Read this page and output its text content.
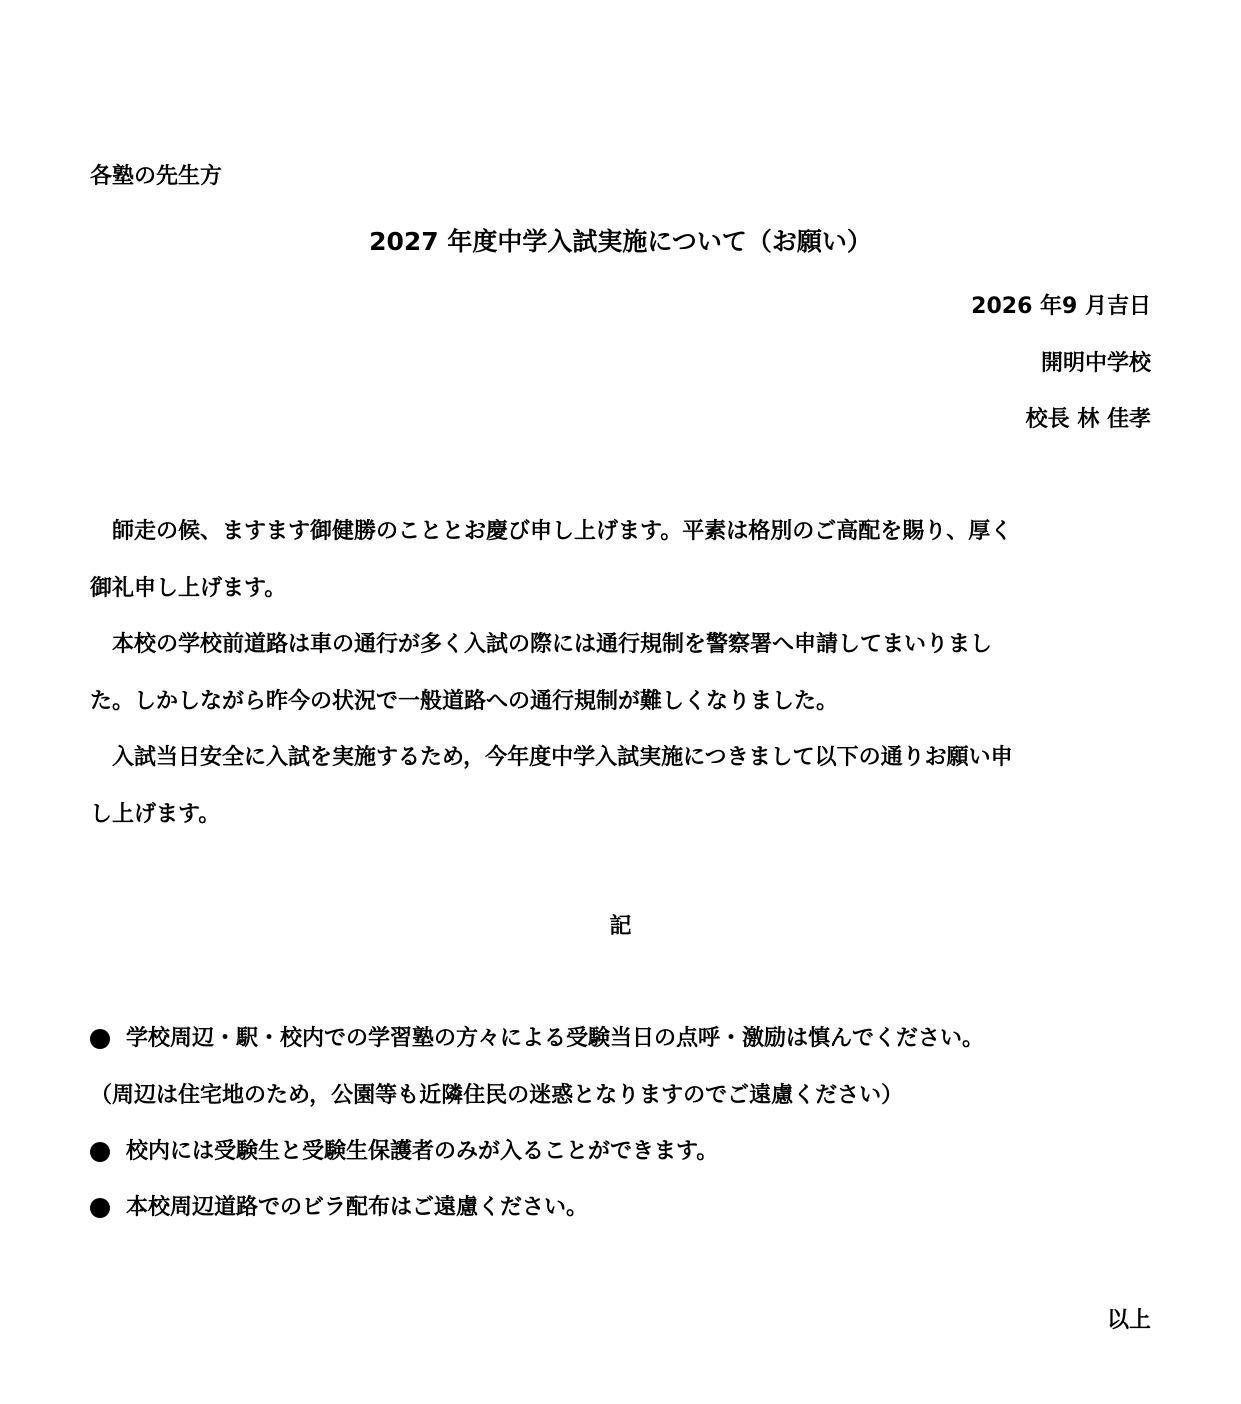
各塾の先生方
2027 年度中学入試実施について（お願い）
2026 年9 月吉日
開明中学校
校長 林 佳孝
師走の候、ますます御健勝のこととお慶び申し上げます。平素は格別のご高配を賜り、厚く
御礼申し上げます。
本校の学校前道路は車の通行が多く入試の際には通行規制を警察署へ申請してまいりまし
た。しかしながら昨今の状況で一般道路への通行規制が難しくなりました。
入試当日安全に入試を実施するため，今年度中学入試実施につきまして以下の通りお願い申
し上げます。
記
学校周辺・駅・校内での学習塾の方々による受験当日の点呼・激励は慎んでください。
（周辺は住宅地のため，公園等も近隣住民の迷惑となりますのでご遠慮ください）
校内には受験生と受験生保護者のみが入ることができます。
本校周辺道路でのビラ配布はご遠慮ください。
以上
